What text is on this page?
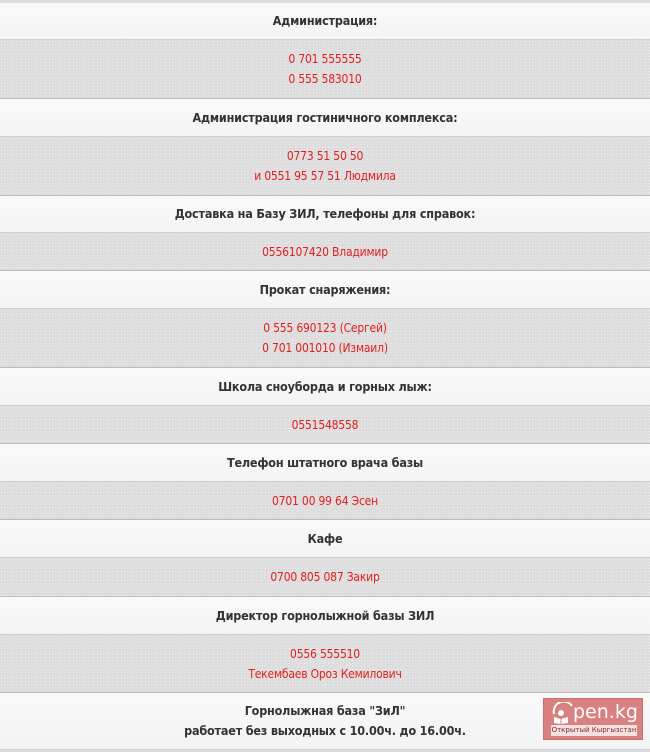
Администрация:
0 701 555555
0 555 583010
Администрация гостиничного комплекса:
0773 51 50 50
и 0551 95 57 51 Людмила
Доставка на Базу ЗИЛ, телефоны для справок:
0556107420 Владимир
Прокат снаряжения:
0 555 690123 (Сергей)
0 701 001010 (Измаил)
Школа сноуборда и горных лыж:
0551548558
Телефон штатного врача базы
0701 00 99 64 Эсен
Кафе
0700 805 087 Закир
Директор горнолыжной базы ЗИЛ
0556 555510
Текембаев Ороз Кемилович
Горнолыжная база "ЗиЛ"
работает без выходных с 10.00ч. до 16.00ч.
pen.kg
Открытый Кыргызстан
